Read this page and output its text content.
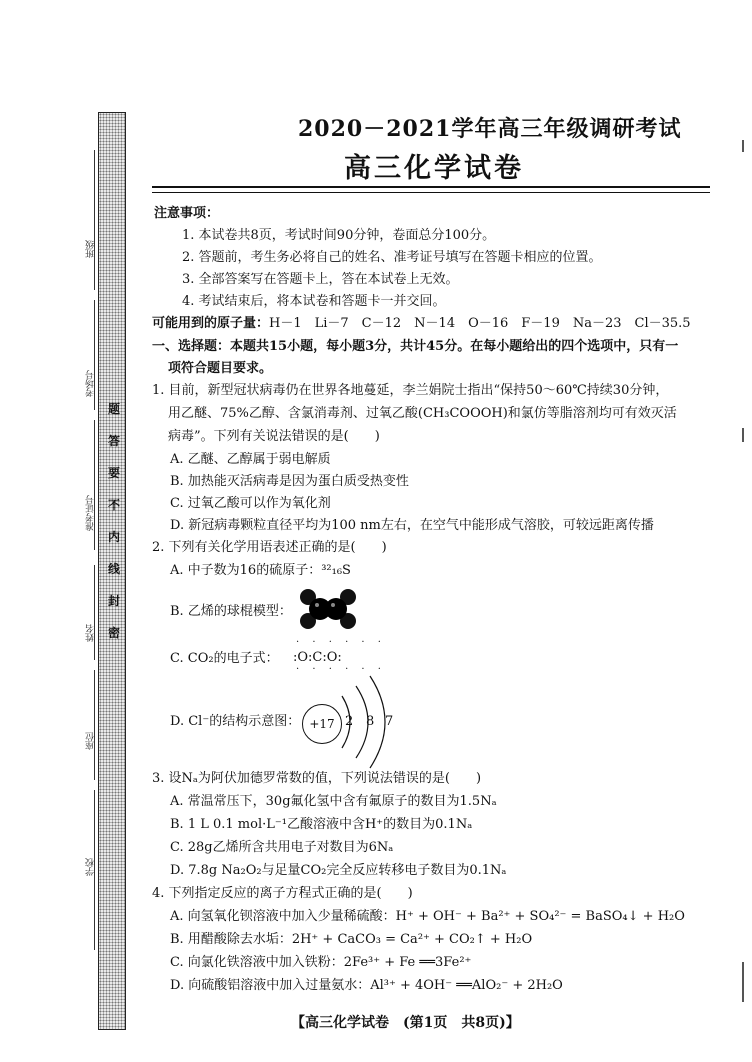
班级
考场号
准考证号
姓名
座位
学校
题
答
要
不
内
线
封
密
2020－2021学年高三年级调研考试
高三化学试卷
注意事项：
1. 本试卷共8页，考试时间90分钟，卷面总分100分。
2. 答题前，考生务必将自己的姓名、准考证号填写在答题卡相应的位置。
3. 全部答案写在答题卡上，答在本试卷上无效。
4. 考试结束后，将本试卷和答题卡一并交回。
可能用到的原子量：H－1　Li－7　C－12　N－14　O－16　F－19　Na－23　Cl－35.5
一、选择题：本题共15小题，每小题3分，共计45分。在每小题给出的四个选项中，只有一
项符合题目要求。
1. 目前，新型冠状病毒仍在世界各地蔓延，李兰娟院士指出“保持50～60℃持续30分钟，
用乙醚、75%乙醇、含氯消毒剂、过氧乙酸(CH₃COOOH)和氯仿等脂溶剂均可有效灭活
病毒”。下列有关说法错误的是(　　)
A. 乙醚、乙醇属于弱电解质
B. 加热能灭活病毒是因为蛋白质受热变性
C. 过氧乙酸可以作为氧化剂
D. 新冠病毒颗粒直径平均为100 nm左右，在空气中能形成气溶胶，可较远距离传播
2. 下列有关化学用语表述正确的是(　　)
A. 中子数为16的硫原子：³²₁₆S
B. 乙烯的球棍模型：
C. CO₂的电子式：
· · · · · ·
:O:C:O:
· · · · · ·
D. Cl⁻的结构示意图： +17 2 8 7
3. 设Nₐ为阿伏加德罗常数的值，下列说法错误的是(　　)
A. 常温常压下，30g氟化氢中含有氟原子的数目为1.5Nₐ
B. 1 L 0.1 mol·L⁻¹乙酸溶液中含H⁺的数目为0.1Nₐ
C. 28g乙烯所含共用电子对数目为6Nₐ
D. 7.8g Na₂O₂与足量CO₂完全反应转移电子数目为0.1Nₐ
4. 下列指定反应的离子方程式正确的是(　　)
A. 向氢氧化钡溶液中加入少量稀硫酸：H⁺ + OH⁻ + Ba²⁺ + SO₄²⁻ = BaSO₄↓ + H₂O
B. 用醋酸除去水垢：2H⁺ + CaCO₃ = Ca²⁺ + CO₂↑ + H₂O
C. 向氯化铁溶液中加入铁粉：2Fe³⁺ + Fe ══3Fe²⁺
D. 向硫酸铝溶液中加入过量氨水：Al³⁺ + 4OH⁻ ══AlO₂⁻ + 2H₂O
【高三化学试卷　(第1页　共8页)】
